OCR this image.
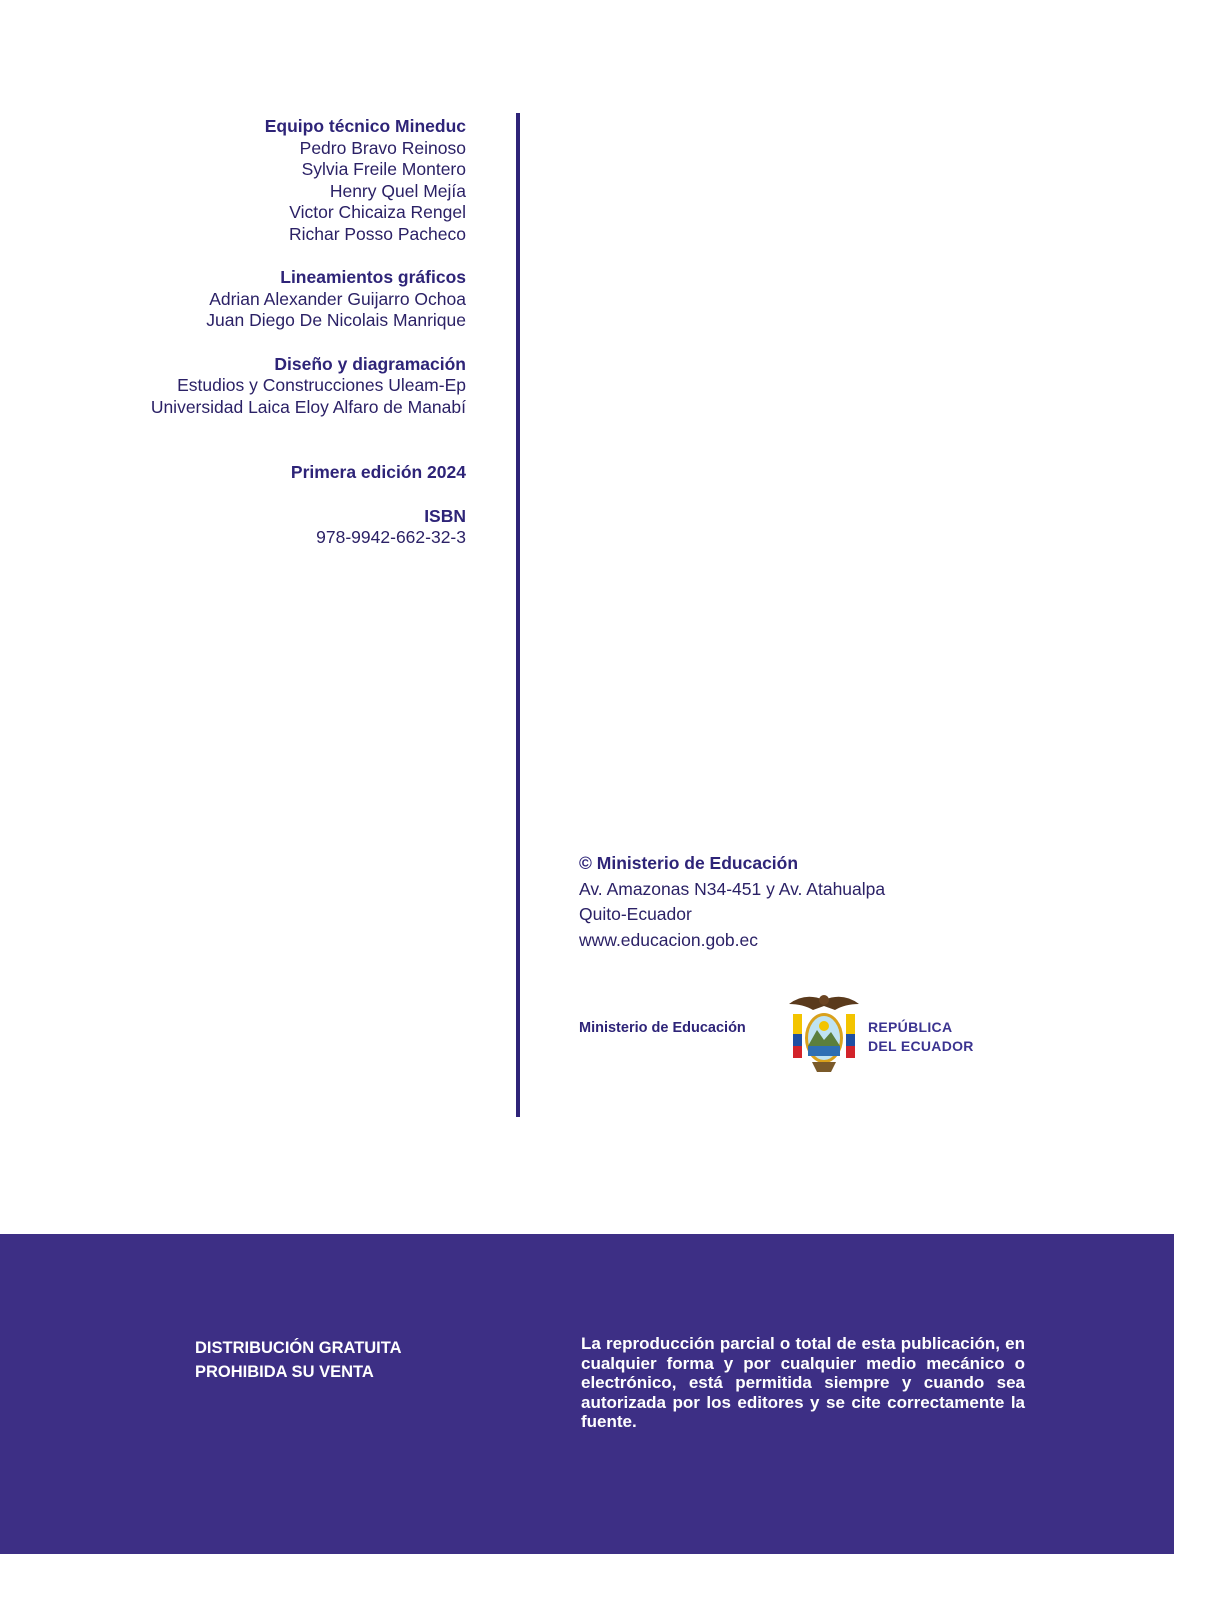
Equipo técnico Mineduc
Pedro Bravo Reinoso
Sylvia Freile Montero
Henry Quel Mejía
Victor Chicaiza Rengel
Richar Posso Pacheco
Lineamientos gráficos
Adrian Alexander Guijarro Ochoa
Juan Diego De Nicolais Manrique
Diseño y diagramación
Estudios y Construcciones Uleam-Ep
Universidad Laica Eloy Alfaro de Manabí
Primera edición 2024
ISBN
978-9942-662-32-3
© Ministerio de Educación
Av. Amazonas N34-451 y Av. Atahualpa
Quito-Ecuador
www.educacion.gob.ec
Ministerio de Educación	REPÚBLICA
DEL ECUADOR
DISTRIBUCIÓN GRATUITA
PROHIBIDA SU VENTA
La reproducción parcial o total de esta publicación, en cualquier forma y por cualquier medio mecánico o electrónico, está permitida siempre y cuando sea autorizada por los editores y se cite correctamente la fuente.
